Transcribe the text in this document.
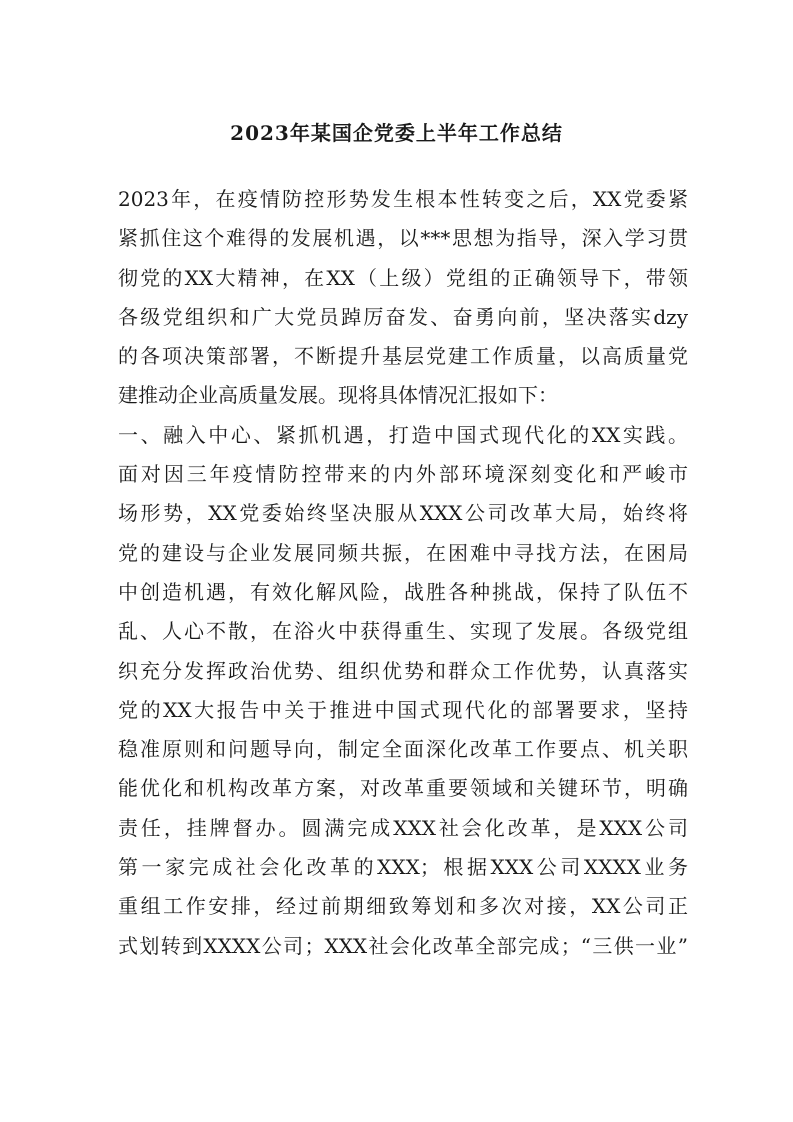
2023年某国企党委上半年工作总结
2023年，在疫情防控形势发生根本性转变之后，XX党委紧
紧抓住这个难得的发展机遇，以***思想为指导，深入学习贯
彻党的XX大精神，在XX（上级）党组的正确领导下，带领
各级党组织和广大党员踔厉奋发、奋勇向前，坚决落实dzy
的各项决策部署，不断提升基层党建工作质量，以高质量党
建推动企业高质量发展。现将具体情况汇报如下：
一、融入中心、紧抓机遇，打造中国式现代化的XX实践。
面对因三年疫情防控带来的内外部环境深刻变化和严峻市
场形势，XX党委始终坚决服从XXX公司改革大局，始终将
党的建设与企业发展同频共振，在困难中寻找方法，在困局
中创造机遇，有效化解风险，战胜各种挑战，保持了队伍不
乱、人心不散，在浴火中获得重生、实现了发展。各级党组
织充分发挥政治优势、组织优势和群众工作优势，认真落实
党的XX大报告中关于推进中国式现代化的部署要求，坚持
稳准原则和问题导向，制定全面深化改革工作要点、机关职
能优化和机构改革方案，对改革重要领域和关键环节，明确
责任，挂牌督办。圆满完成XXX社会化改革，是XXX公司
第一家完成社会化改革的XXX；根据XXX公司XXXX业务
重组工作安排，经过前期细致筹划和多次对接，XX公司正
式划转到XXXX公司；XXX社会化改革全部完成；“三供一业”
